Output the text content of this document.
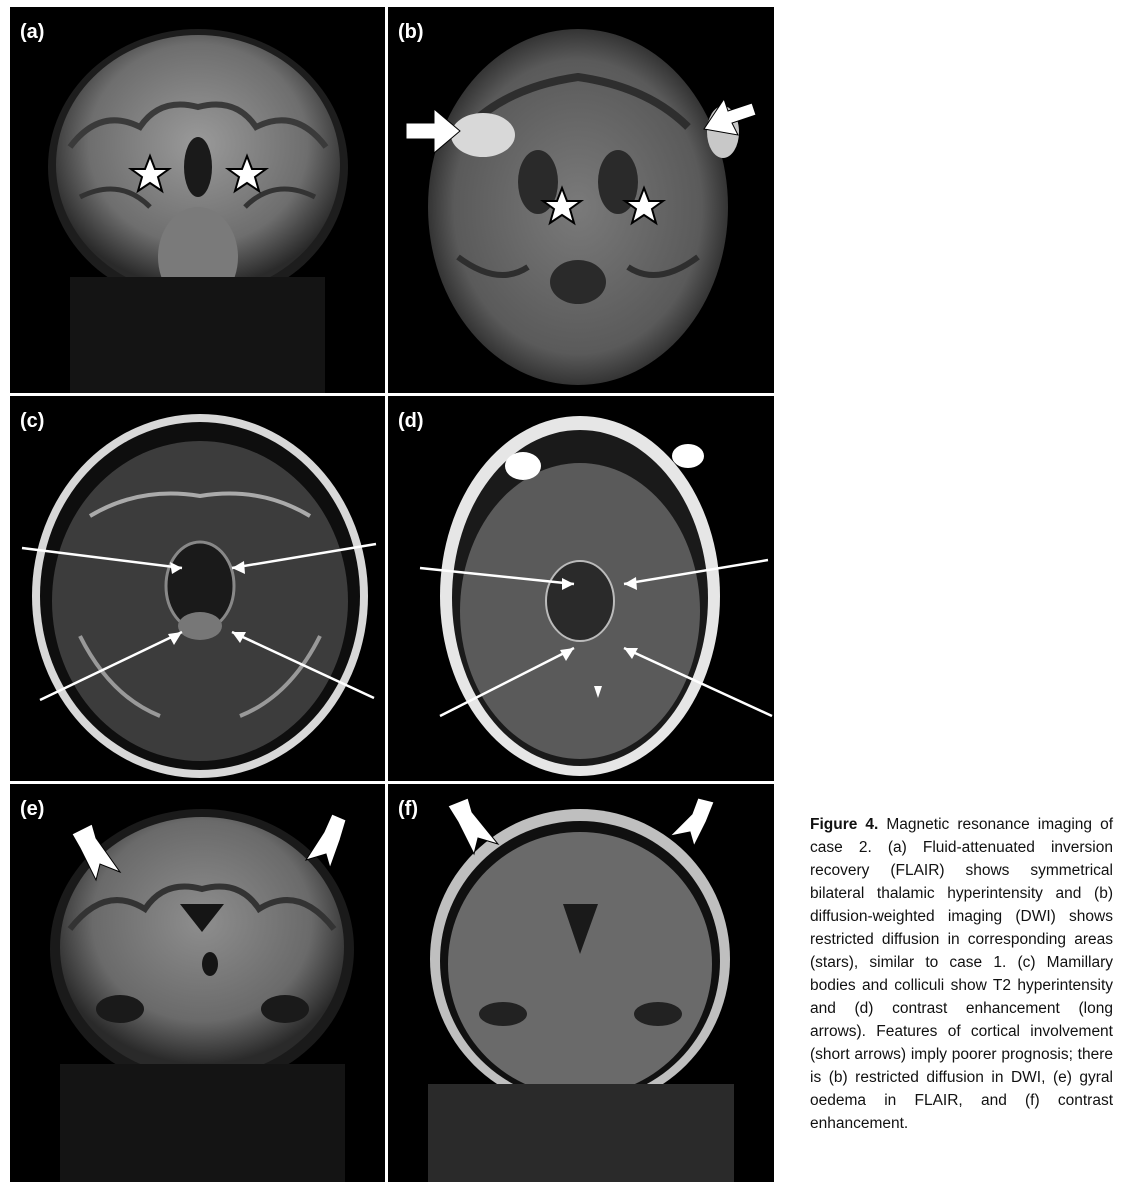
(a)	(b)
(c)	(d)
(e)	(f)
Figure 4. Magnetic resonance imaging of case 2. (a) Fluid-attenuated inversion recovery (FLAIR) shows symmetrical bilateral thalamic hyperintensity and (b) diffusion-weighted imaging (DWI) shows restricted diffusion in corresponding areas (stars), similar to case 1. (c) Mamillary bodies and colliculi show T2 hyperintensity and (d) contrast enhancement (long arrows). Features of cortical involvement (short arrows) imply poorer prognosis; there is (b) restricted diffusion in DWI, (e) gyral oedema in FLAIR, and (f) contrast enhancement.
